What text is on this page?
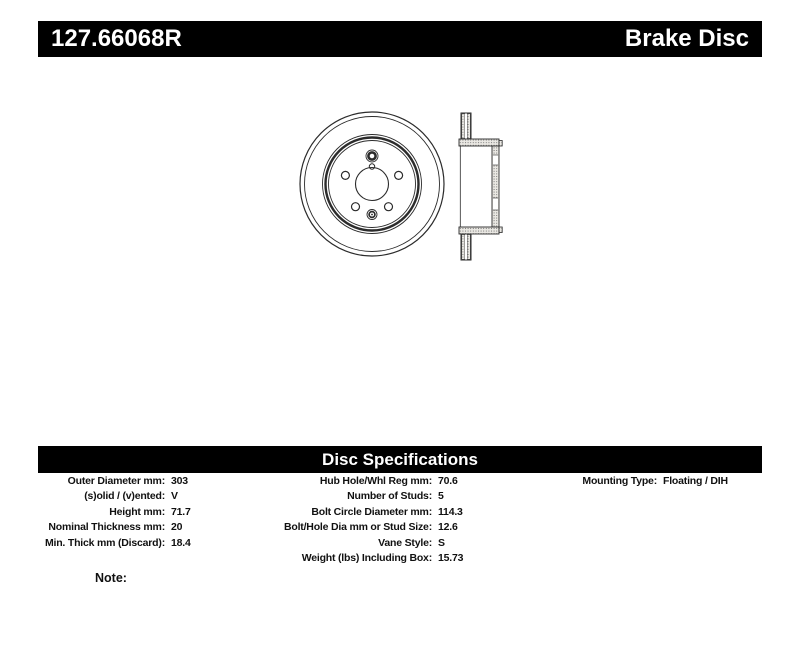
127.66068R	Brake Disc
Disc Specifications
Outer Diameter mm: 303
(s)olid / (v)ented: V
Height mm: 71.7
Nominal Thickness mm: 20
Min. Thick mm (Discard): 18.4
Hub Hole/Whl Reg mm: 70.6
Number of Studs: 5
Bolt Circle Diameter mm: 114.3
Bolt/Hole Dia mm or Stud Size: 12.6
Vane Style: S
Weight (lbs) Including Box: 15.73
Mounting Type: Floating / DIH
Note:
